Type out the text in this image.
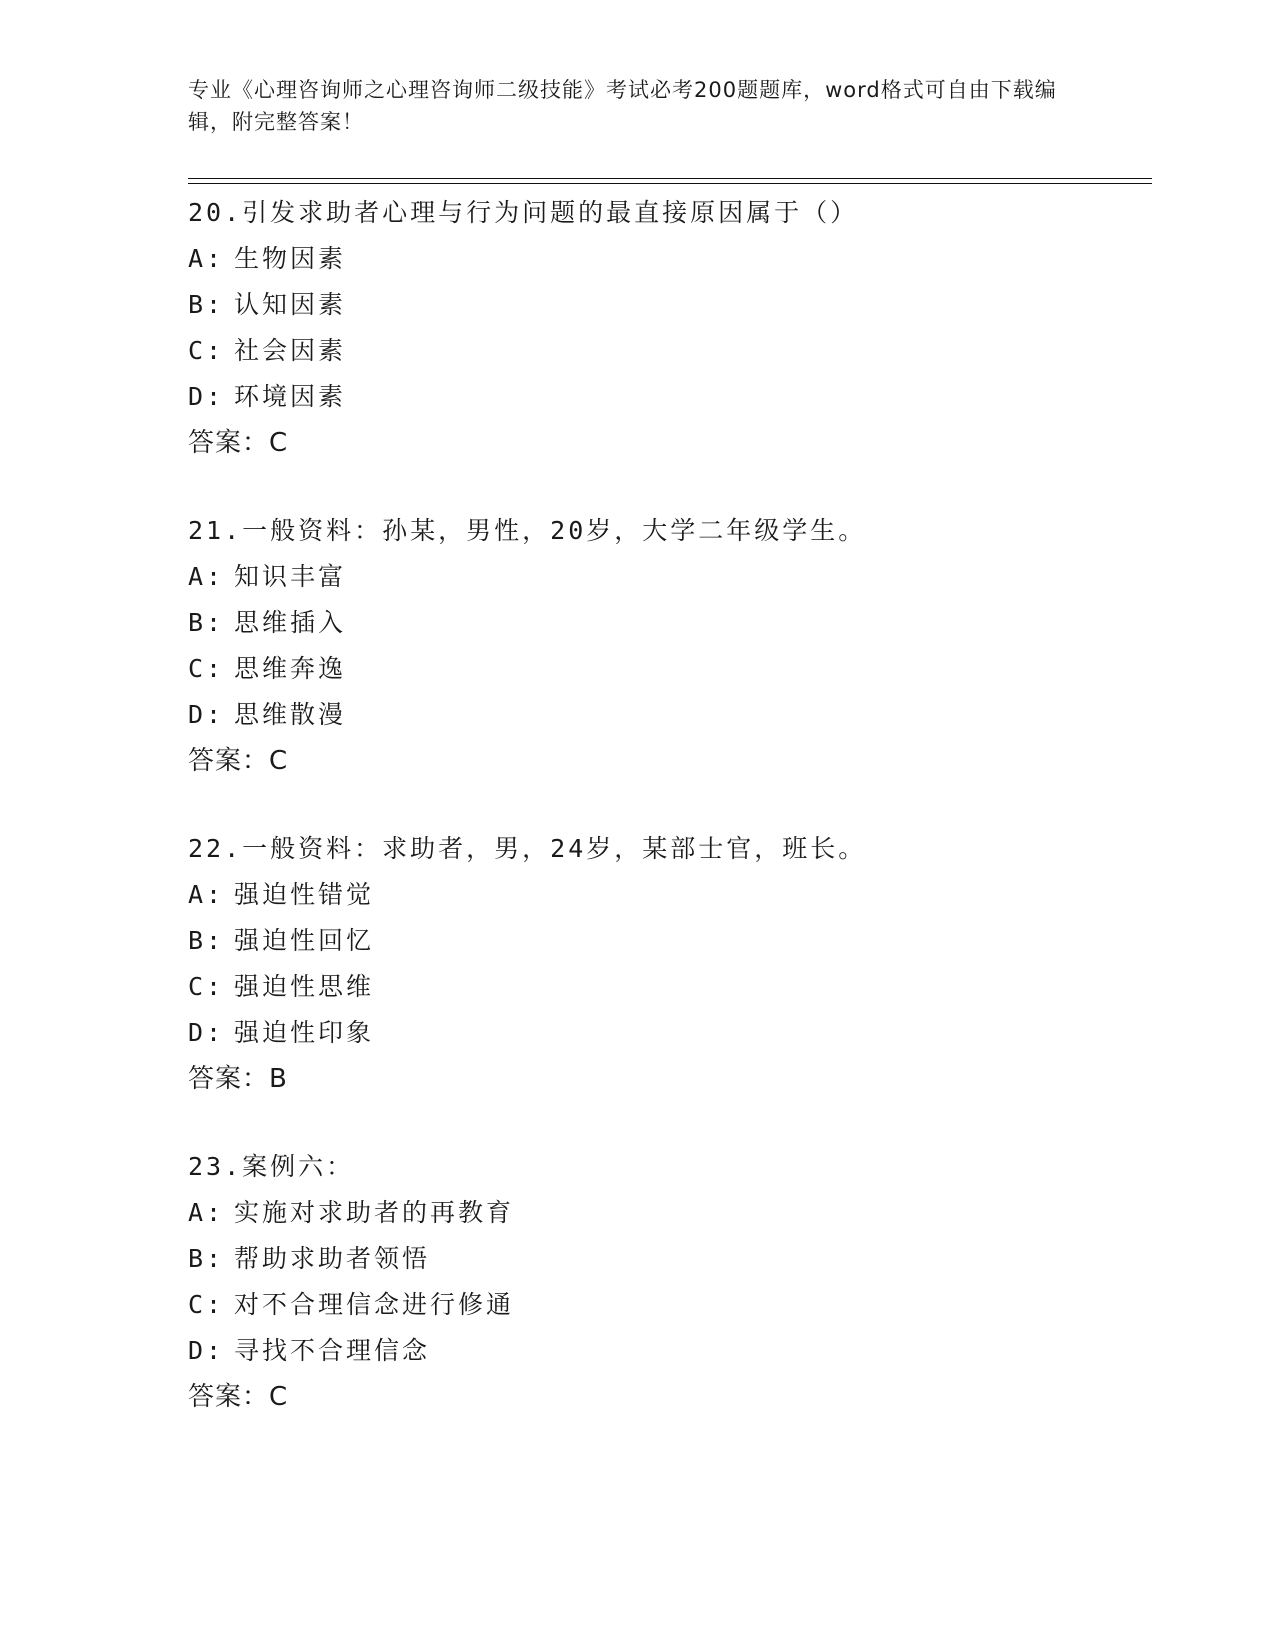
专业《心理咨询师之心理咨询师二级技能》考试必考200题题库，word格式可自由下载编辑，附完整答案！
20.引发求助者心理与行为问题的最直接原因属于（）
A: 生物因素
B: 认知因素
C: 社会因素
D: 环境因素
答案：C
21.一般资料：孙某，男性，20岁，大学二年级学生。
A: 知识丰富
B: 思维插入
C: 思维奔逸
D: 思维散漫
答案：C
22.一般资料：求助者，男，24岁，某部士官，班长。
A: 强迫性错觉
B: 强迫性回忆
C: 强迫性思维
D: 强迫性印象
答案：B
23.案例六：
A: 实施对求助者的再教育
B: 帮助求助者领悟
C: 对不合理信念进行修通
D: 寻找不合理信念
答案：C
